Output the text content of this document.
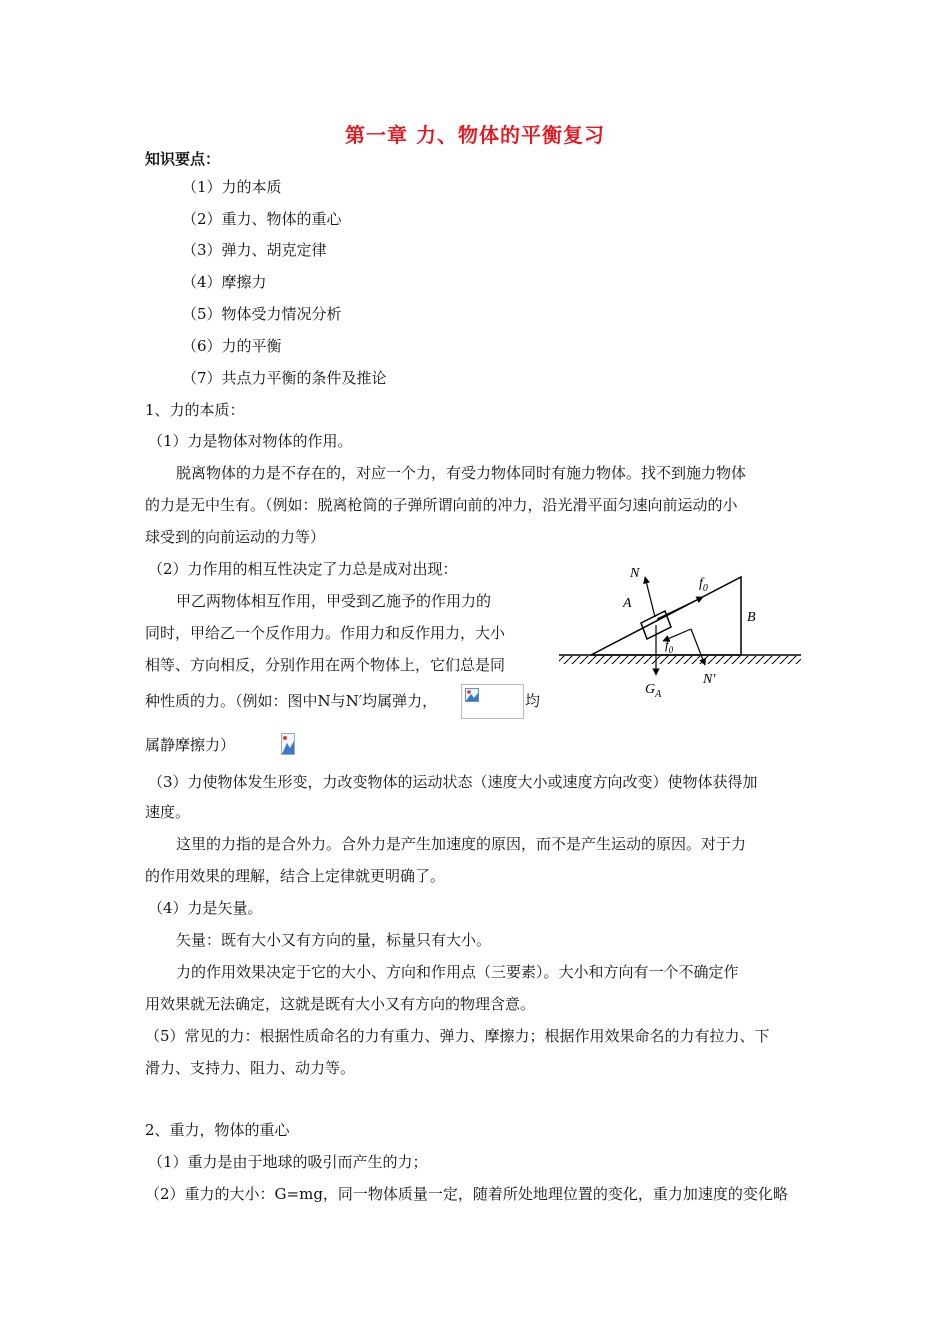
第一章 力、物体的平衡复习
知识要点：
（1）力的本质
（2）重力、物体的重心
（3）弹力、胡克定律
（4）摩擦力
（5）物体受力情况分析
（6）力的平衡
（7）共点力平衡的条件及推论
1、力的本质：
（1）力是物体对物体的作用。
脱离物体的力是不存在的，对应一个力，有受力物体同时有施力物体。找不到施力物体
的力是无中生有。（例如：脱离枪筒的子弹所谓向前的冲力，沿光滑平面匀速向前运动的小
球受到的向前运动的力等）
（2）力作用的相互性决定了力总是成对出现：
甲乙两物体相互作用，甲受到乙施予的作用力的
同时，甲给乙一个反作用力。作用力和反作用力，大小
相等、方向相反，分别作用在两个物体上，它们总是同
种性质的力。（例如：图中N与N′均属弹力，	均
属静摩擦力）
（3）力使物体发生形变，力改变物体的运动状态（速度大小或速度方向改变）使物体获得加
速度。
这里的力指的是合外力。合外力是产生加速度的原因，而不是产生运动的原因。对于力
的作用效果的理解，结合上定律就更明确了。
（4）力是矢量。
矢量：既有大小又有方向的量，标量只有大小。
力的作用效果决定于它的大小、方向和作用点（三要素）。大小和方向有一个不确定作
用效果就无法确定，这就是既有大小又有方向的物理含意。
（5）常见的力：根据性质命名的力有重力、弹力、摩擦力；根据作用效果命名的力有拉力、下
滑力、支持力、阻力、动力等。
2、重力，物体的重心
（1）重力是由于地球的吸引而产生的力；
（2）重力的大小：G=mg，同一物体质量一定，随着所处地理位置的变化，重力加速度的变化略
N
$f_0$
A
B
$f_0$
$G_A$
N′
